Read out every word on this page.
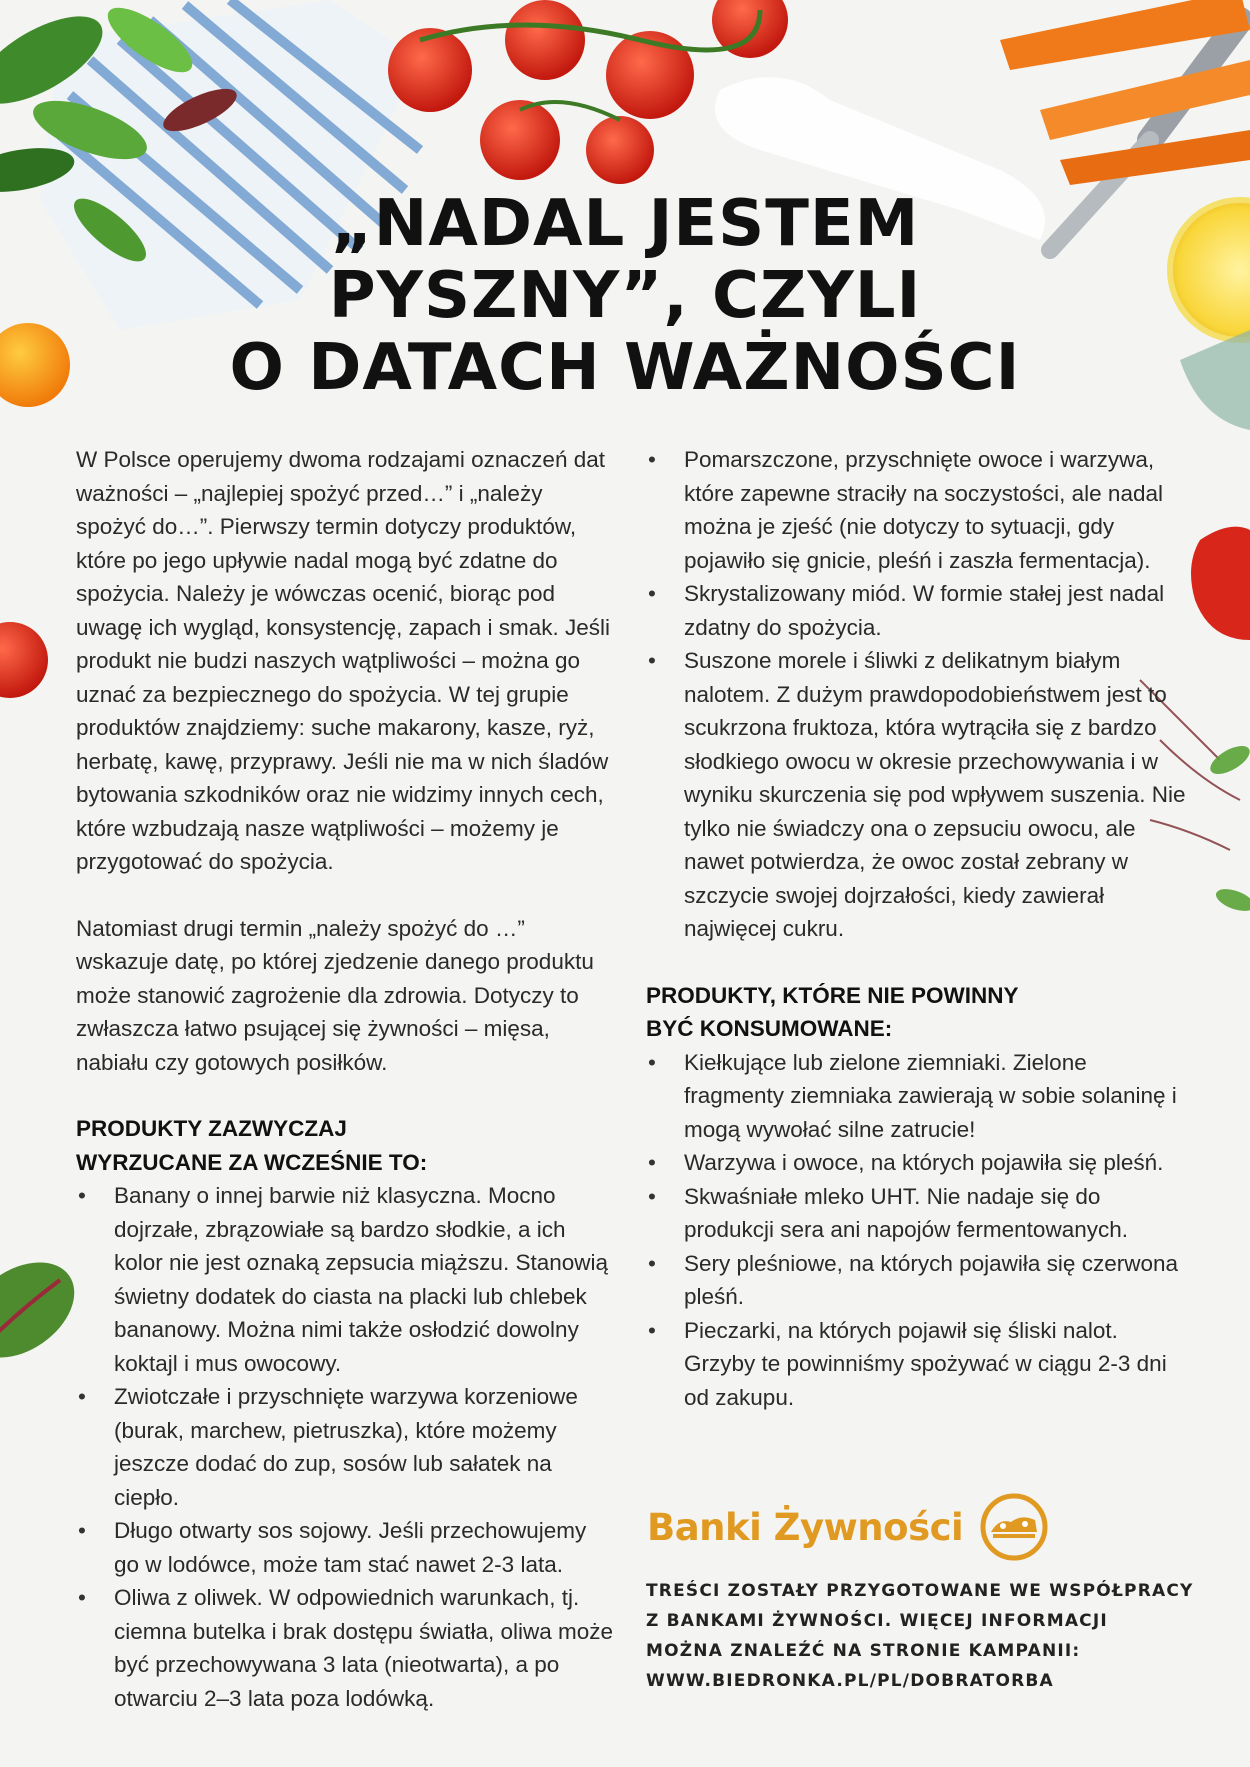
„NADAL JESTEM
PYSZNY”, CZYLI
O DATACH WAŻNOŚCI

W Polsce operujemy dwoma rodzajami oznaczeń dat ważności – „najlepiej spożyć przed…” i „należy spożyć do…”. Pierwszy termin dotyczy produktów, które po jego upływie nadal mogą być zdatne do spożycia. Należy je wówczas ocenić, biorąc pod uwagę ich wygląd, konsystencję, zapach i smak. Jeśli produkt nie budzi naszych wątpliwości – można go uznać za bezpiecznego do spożycia. W tej grupie produktów znajdziemy: suche makarony, kasze, ryż, herbatę, kawę, przyprawy. Jeśli nie ma w nich śladów bytowania szkodników oraz nie widzimy innych cech, które wzbudzają nasze wątpliwości – możemy je przygotować do spożycia.

Natomiast drugi termin „należy spożyć do …” wskazuje datę, po której zjedzenie danego produktu może stanowić zagrożenie dla zdrowia. Dotyczy to zwłaszcza łatwo psującej się żywności – mięsa, nabiału czy gotowych posiłków.

PRODUKTY ZAZWYCZAJ
WYRZUCANE ZA WCZEŚNIE TO:
• Banany o innej barwie niż klasyczna. Mocno dojrzałe, zbrązowiałe są bardzo słodkie, a ich kolor nie jest oznaką zepsucia miąższu. Stanowią świetny dodatek do ciasta na placki lub chlebek bananowy. Można nimi także osłodzić dowolny koktajl i mus owocowy.
• Zwiotczałe i przyschnięte warzywa korzeniowe (burak, marchew, pietruszka), które możemy jeszcze dodać do zup, sosów lub sałatek na ciepło.
• Długo otwarty sos sojowy. Jeśli przechowujemy go w lodówce, może tam stać nawet 2-3 lata.
• Oliwa z oliwek. W odpowiednich warunkach, tj. ciemna butelka i brak dostępu światła, oliwa może być przechowywana 3 lata (nieotwarta), a po otwarciu 2–3 lata poza lodówką.
• Pomarszczone, przyschnięte owoce i warzywa, które zapewne straciły na soczystości, ale nadal można je zjeść (nie dotyczy to sytuacji, gdy pojawiło się gnicie, pleśń i zaszła fermentacja).
• Skrystalizowany miód. W formie stałej jest nadal zdatny do spożycia.
• Suszone morele i śliwki z delikatnym białym nalotem. Z dużym prawdopodobieństwem jest to scukrzona fruktoza, która wytrąciła się z bardzo słodkiego owocu w okresie przechowywania i w wyniku skurczenia się pod wpływem suszenia. Nie tylko nie świadczy ona o zepsuciu owocu, ale nawet potwierdza, że owoc został zebrany w szczycie swojej dojrzałości, kiedy zawierał najwięcej cukru.
PRODUKTY, KTÓRE NIE POWINNY
BYĆ KONSUMOWANE:
• Kiełkujące lub zielone ziemniaki. Zielone fragmenty ziemniaka zawierają w sobie solaninę i mogą wywołać silne zatrucie!
• Warzywa i owoce, na których pojawiła się pleśń.
• Skwaśniałe mleko UHT. Nie nadaje się do produkcji sera ani napojów fermentowanych.
• Sery pleśniowe, na których pojawiła się czerwona pleśń.
• Pieczarki, na których pojawił się śliski nalot. Grzyby te powinniśmy spożywać w ciągu 2-3 dni od zakupu.
Banki Żywności
TREŚCI ZOSTAŁY PRZYGOTOWANE WE WSPÓŁPRACY
Z BANKAMI ŻYWNOŚCI. WIĘCEJ INFORMACJI
MOŻNA ZNALEŹĆ NA STRONIE KAMPANII:
WWW.BIEDRONKA.PL/PL/DOBRATORBA
